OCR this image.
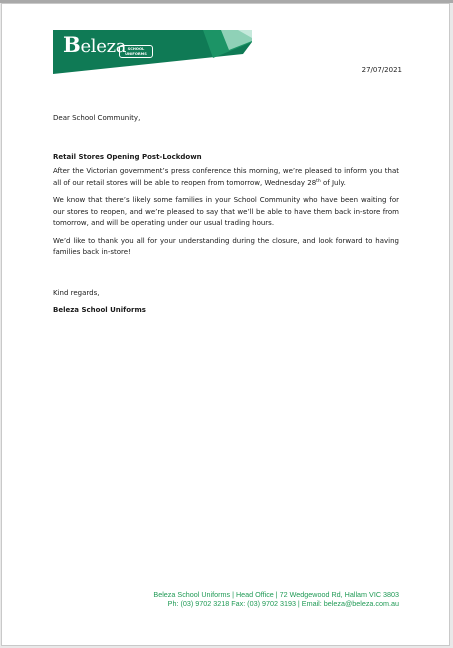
Beleza SCHOOL
UNIFORMS
27/07/2021

Dear School Community,

Retail Stores Opening Post-Lockdown

After the Victorian government’s press conference this morning, we’re pleased to inform you that all of our retail stores will be able to reopen from tomorrow, Wednesday 28th of July.

We know that there’s likely some families in your School Community who have been waiting for our stores to reopen, and we’re pleased to say that we’ll be able to have them back in-store from tomorrow, and will be operating under our usual trading hours.

We’d like to thank you all for your understanding during the closure, and look forward to having families back in-store!

Kind regards,

Beleza School Uniforms

Beleza School Uniforms | Head Office | 72 Wedgewood Rd, Hallam VIC 3803
Ph: (03) 9702 3218 Fax: (03) 9702 3193 | Email: beleza@beleza.com.au
